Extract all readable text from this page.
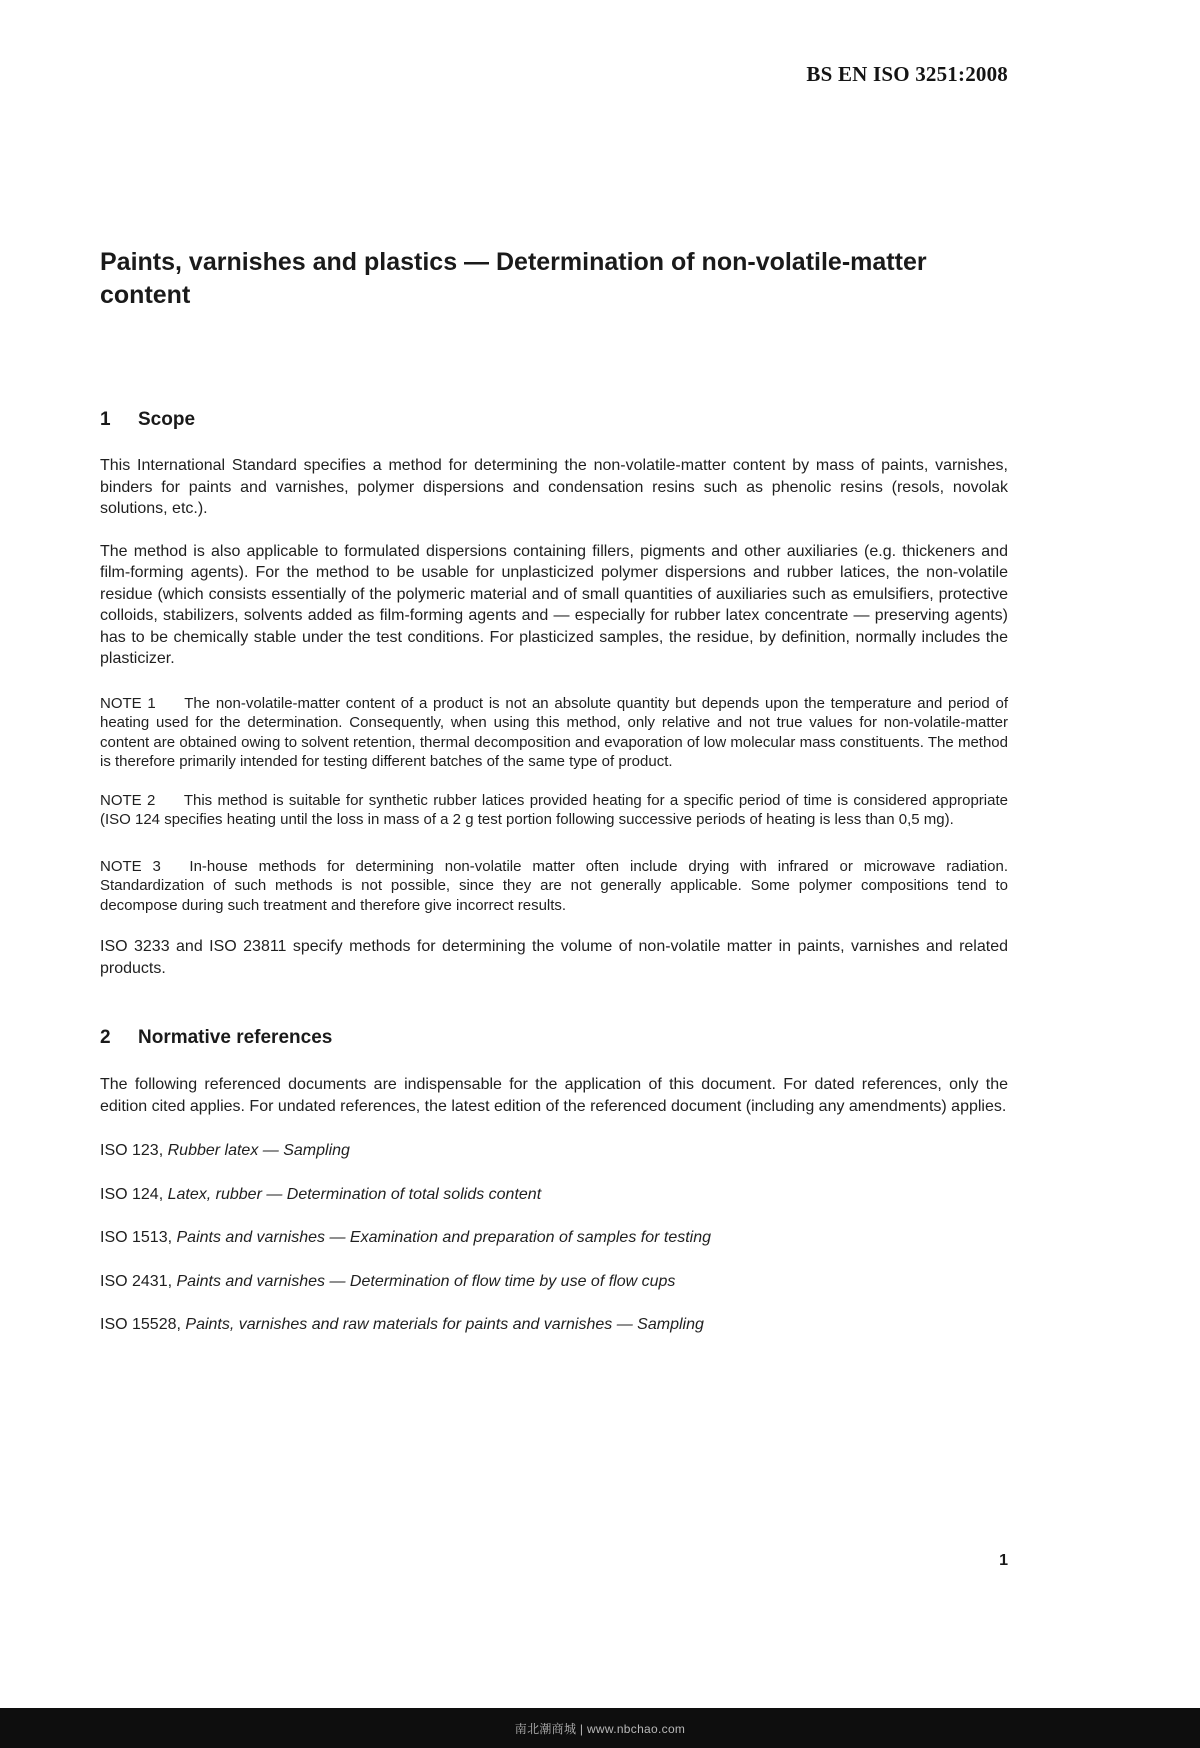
BS EN ISO 3251:2008
Paints, varnishes and plastics — Determination of non-volatile-matter content
1 Scope

This International Standard specifies a method for determining the non-volatile-matter content by mass of paints, varnishes, binders for paints and varnishes, polymer dispersions and condensation resins such as phenolic resins (resols, novolak solutions, etc.).

The method is also applicable to formulated dispersions containing fillers, pigments and other auxiliaries (e.g. thickeners and film-forming agents). For the method to be usable for unplasticized polymer dispersions and rubber latices, the non-volatile residue (which consists essentially of the polymeric material and of small quantities of auxiliaries such as emulsifiers, protective colloids, stabilizers, solvents added as film-forming agents and — especially for rubber latex concentrate — preserving agents) has to be chemically stable under the test conditions. For plasticized samples, the residue, by definition, normally includes the plasticizer.

NOTE 1 The non-volatile-matter content of a product is not an absolute quantity but depends upon the temperature and period of heating used for the determination. Consequently, when using this method, only relative and not true values for non-volatile-matter content are obtained owing to solvent retention, thermal decomposition and evaporation of low molecular mass constituents. The method is therefore primarily intended for testing different batches of the same type of product.

NOTE 2 This method is suitable for synthetic rubber latices provided heating for a specific period of time is considered appropriate (ISO 124 specifies heating until the loss in mass of a 2 g test portion following successive periods of heating is less than 0,5 mg).

NOTE 3 In-house methods for determining non-volatile matter often include drying with infrared or microwave radiation. Standardization of such methods is not possible, since they are not generally applicable. Some polymer compositions tend to decompose during such treatment and therefore give incorrect results.

ISO 3233 and ISO 23811 specify methods for determining the volume of non-volatile matter in paints, varnishes and related products.

2 Normative references

The following referenced documents are indispensable for the application of this document. For dated references, only the edition cited applies. For undated references, the latest edition of the referenced document (including any amendments) applies.

ISO 123, Rubber latex — Sampling

ISO 124, Latex, rubber — Determination of total solids content

ISO 1513, Paints and varnishes — Examination and preparation of samples for testing

ISO 2431, Paints and varnishes — Determination of flow time by use of flow cups

ISO 15528, Paints, varnishes and raw materials for paints and varnishes — Sampling

1
南北潮商城 | www.nbchao.com
